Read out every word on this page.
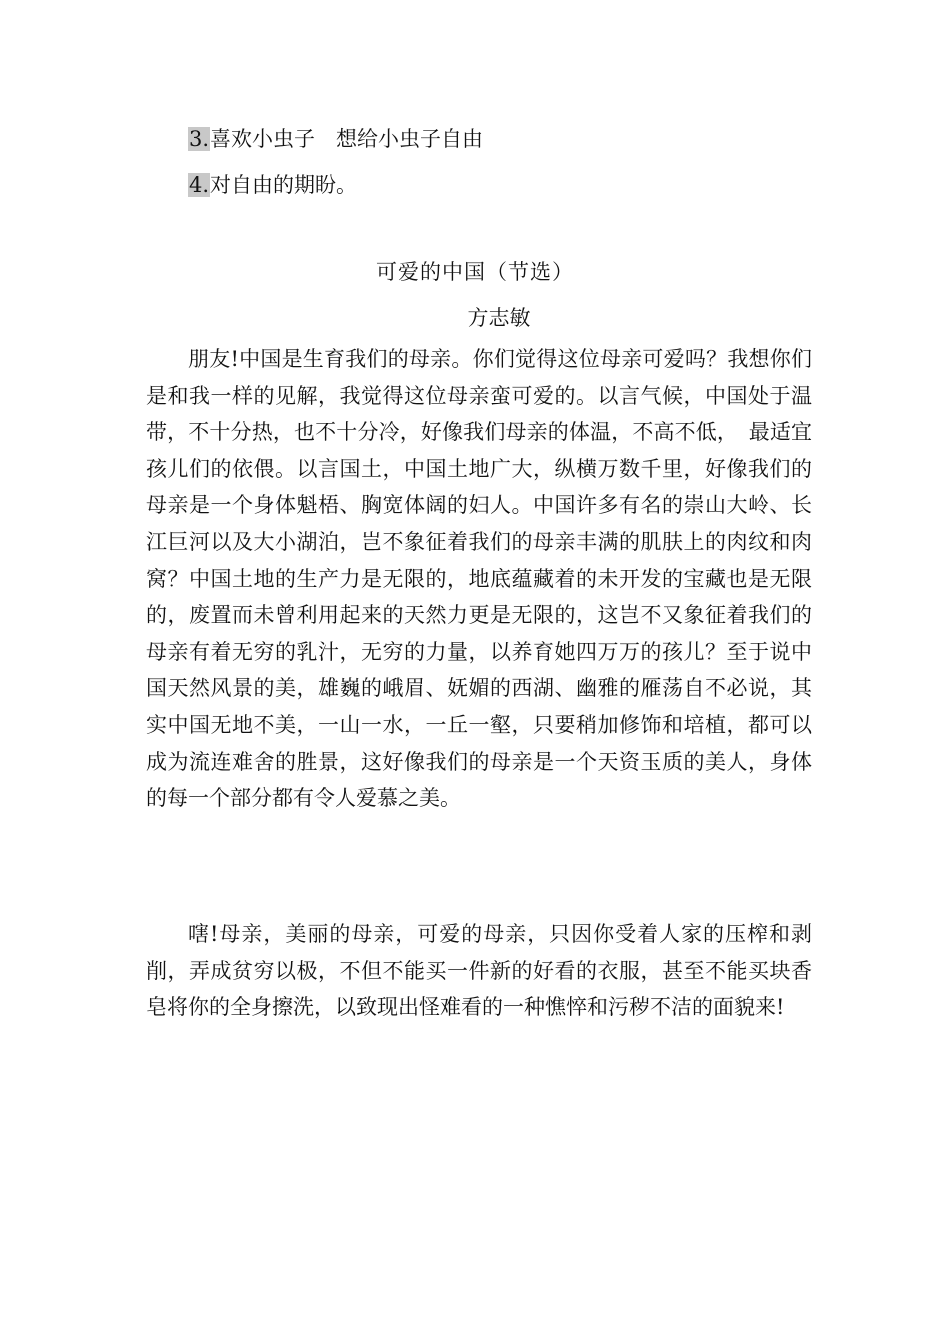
3.喜欢小虫子　想给小虫子自由
4.对自由的期盼。
可爱的中国（节选）
方志敏

朋友!中国是生育我们的母亲。你们觉得这位母亲可爱吗？我想你们是和我一样的见解，我觉得这位母亲蛮可爱的。以言气候，中国处于温带，不十分热，也不十分冷，好像我们母亲的体温，不高不低，　最适宜孩儿们的依偎。以言国土，中国土地广大，纵横万数千里，好像我们的母亲是一个身体魁梧、胸宽体阔的妇人。中国许多有名的崇山大岭、长江巨河以及大小湖泊，岂不象征着我们的母亲丰满的肌肤上的肉纹和肉窝？中国土地的生产力是无限的，地底蕴藏着的未开发的宝藏也是无限的，废置而未曾利用起来的天然力更是无限的，这岂不又象征着我们的母亲有着无穷的乳汁，无穷的力量，以养育她四万万的孩儿？至于说中国天然风景的美，雄巍的峨眉、妩媚的西湖、幽雅的雁荡自不必说，其实中国无地不美，一山一水，一丘一壑，只要稍加修饰和培植，都可以成为流连难舍的胜景，这好像我们的母亲是一个天资玉质的美人，身体的每一个部分都有令人爱慕之美。

嗐!母亲，美丽的母亲，可爱的母亲，只因你受着人家的压榨和剥削，弄成贫穷以极，不但不能买一件新的好看的衣服，甚至不能买块香皂将你的全身擦洗，以致现出怪难看的一种憔悴和污秽不洁的面貌来!
